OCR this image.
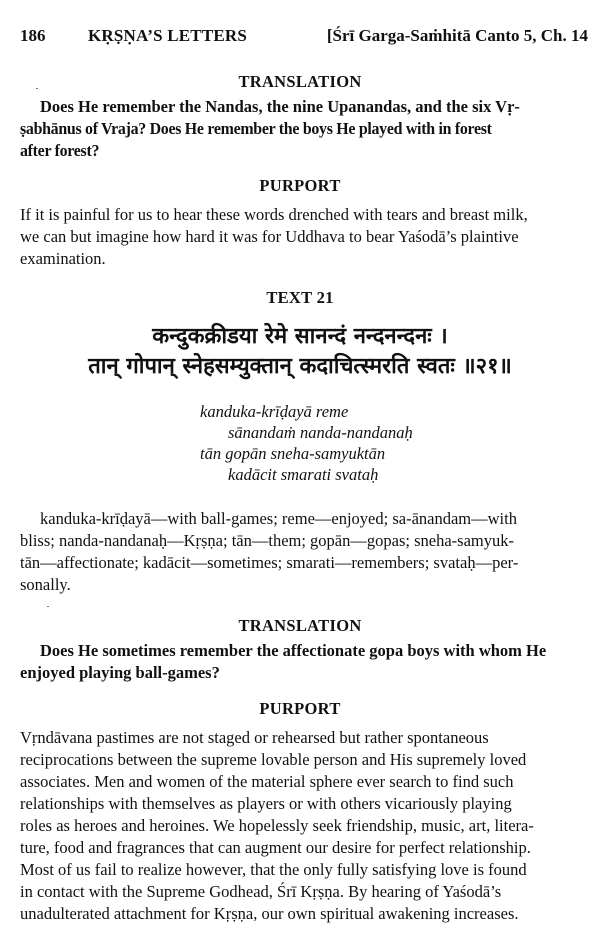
186	KṚṢṆA’S LETTERS	[Śrī Garga-Saṁhitā Canto 5, Ch. 14
TRANSLATION
Does He remember the Nandas, the nine Upanandas, and the six Vṛ-
ṣabhānus of Vraja? Does He remember the boys He played with in forest
after forest?
PURPORT
If it is painful for us to hear these words drenched with tears and breast milk,
we can but imagine how hard it was for Uddhava to bear Yaśodā’s plaintive
examination.
TEXT 21
कन्दुकक्रीडया रेमे सानन्दं नन्दनन्दनः ।
तान् गोपान् स्नेहसम्युक्तान् कदाचित्स्मरति स्वतः ॥२१॥
kanduka-krīḍayā reme
sānandaṁ nanda-nandanaḥ
tān gopān sneha-samyuktān
kadācit smarati svataḥ
kanduka-krīḍayā—with ball-games; reme—enjoyed; sa-ānandam—with
bliss; nanda-nandanaḥ—Kṛṣṇa; tān—them; gopān—gopas; sneha-samyuk-
tān—affectionate; kadācit—sometimes; smarati—remembers; svataḥ—per-
sonally.
TRANSLATION
Does He sometimes remember the affectionate gopa boys with whom He
enjoyed playing ball-games?
PURPORT
Vṛndāvana pastimes are not staged or rehearsed but rather spontaneous
reciprocations between the supreme lovable person and His supremely loved
associates. Men and women of the material sphere ever search to find such
relationships with themselves as players or with others vicariously playing
roles as heroes and heroines. We hopelessly seek friendship, music, art, litera-
ture, food and fragrances that can augment our desire for perfect relationship.
Most of us fail to realize however, that the only fully satisfying love is found
in contact with the Supreme Godhead, Śrī Kṛṣṇa. By hearing of Yaśodā’s
unadulterated attachment for Kṛṣṇa, our own spiritual awakening increases.
